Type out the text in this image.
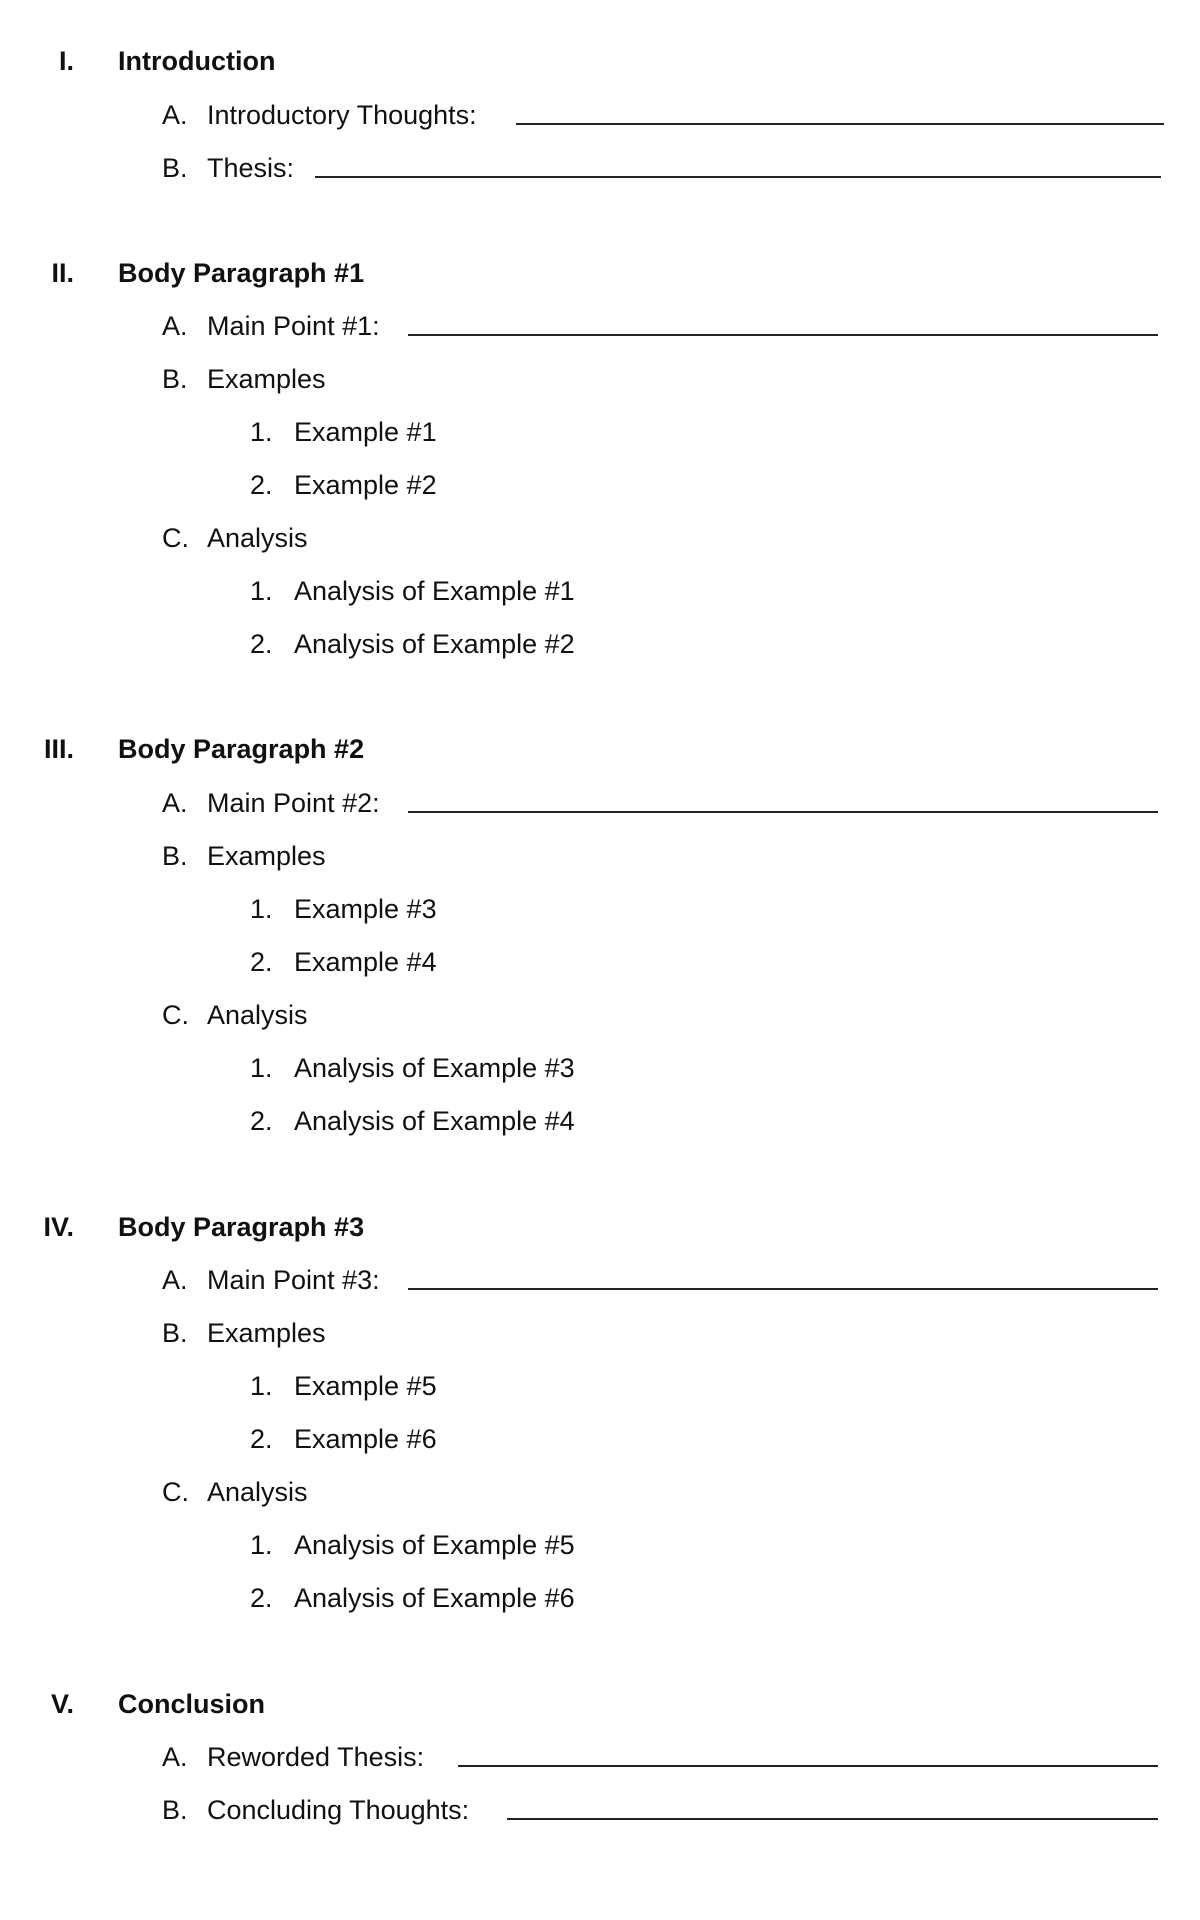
I. Introduction
A. Introductory Thoughts:
B. Thesis:
II. Body Paragraph #1
A. Main Point #1:
B. Examples
1. Example #1
2. Example #2
C. Analysis
1. Analysis of Example #1
2. Analysis of Example #2
III. Body Paragraph #2
A. Main Point #2:
B. Examples
1. Example #3
2. Example #4
C. Analysis
1. Analysis of Example #3
2. Analysis of Example #4
IV. Body Paragraph #3
A. Main Point #3:
B. Examples
1. Example #5
2. Example #6
C. Analysis
1. Analysis of Example #5
2. Analysis of Example #6
V. Conclusion
A. Reworded Thesis:
B. Concluding Thoughts:
